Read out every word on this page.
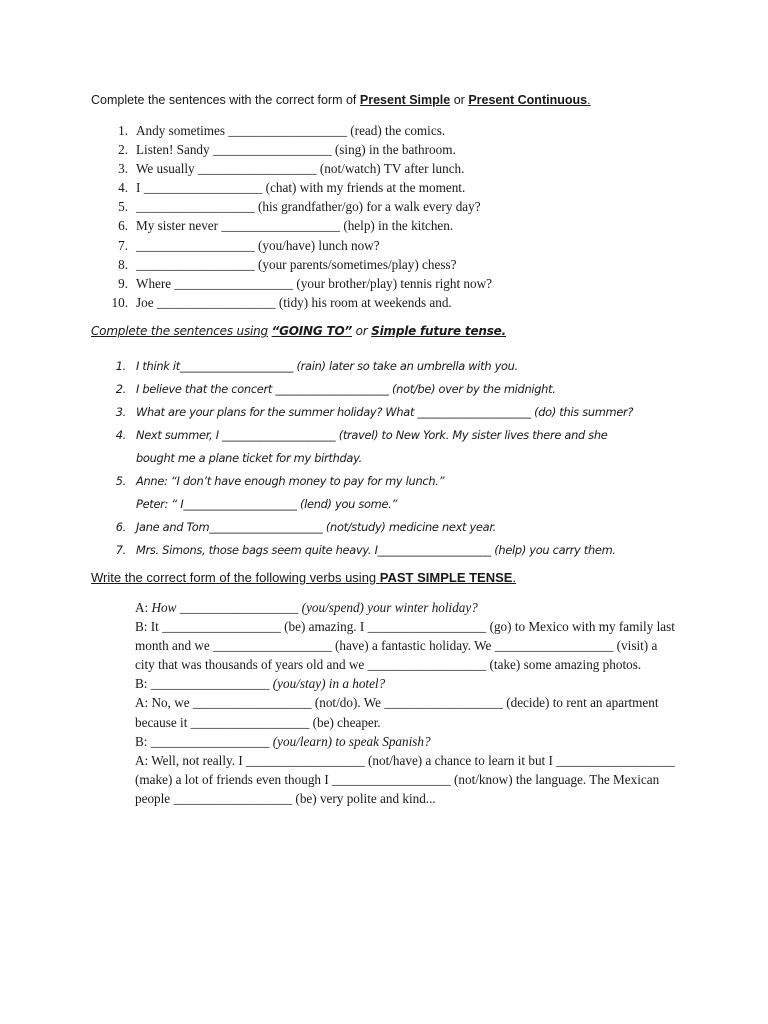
Complete the sentences with the correct form of Present Simple or Present Continuous.
1. Andy sometimes __________________ (read) the comics.
2. Listen! Sandy __________________ (sing) in the bathroom.
3. We usually __________________ (not/watch) TV after lunch.
4. I __________________ (chat) with my friends at the moment.
5. __________________ (his grandfather/go) for a walk every day?
6. My sister never __________________ (help) in the kitchen.
7. __________________ (you/have) lunch now?
8. __________________ (your parents/sometimes/play) chess?
9. Where __________________ (your brother/play) tennis right now?
10. Joe __________________ (tidy) his room at weekends and.
Complete the sentences using “GOING TO” or Simple future tense.
1. I think it_____________________ (rain) later so take an umbrella with you.
2. I believe that the concert _____________________ (not/be) over by the midnight.
3. What are your plans for the summer holiday? What _____________________ (do) this summer?
4. Next summer, I _____________________ (travel) to New York. My sister lives there and she
bought me a plane ticket for my birthday.
5. Anne: “I don’t have enough money to pay for my lunch.”
Peter: “ I_____________________ (lend) you some.”
6. Jane and Tom_____________________ (not/study) medicine next year.
7. Mrs. Simons, those bags seem quite heavy. I_____________________ (help) you carry them.
Write the correct form of the following verbs using PAST SIMPLE TENSE.

A: How __________________ (you/spend) your winter holiday?

B: It __________________ (be) amazing. I __________________ (go) to Mexico with my family last month and we __________________ (have) a fantastic holiday. We __________________ (visit) a city that was thousands of years old and we __________________ (take) some amazing photos.

B: __________________ (you/stay) in a hotel?

A: No, we __________________ (not/do). We __________________ (decide) to rent an apartment because it __________________ (be) cheaper.

B: __________________ (you/learn) to speak Spanish?

A: Well, not really. I __________________ (not/have) a chance to learn it but I __________________ (make) a lot of friends even though I __________________ (not/know) the language. The Mexican people __________________ (be) very polite and kind...
